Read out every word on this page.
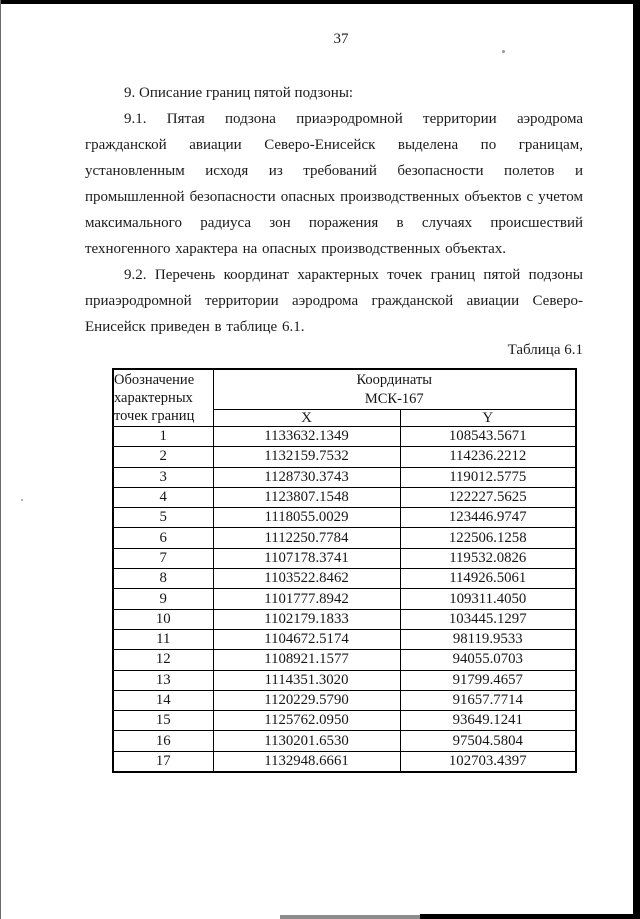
37

9. Описание границ пятой подзоны:

9.1. Пятая подзона приаэродромной территории аэродрома гражданской авиации Северо-Енисейск выделена по границам, установленным исходя из требований безопасности полетов и промышленной безопасности опасных производственных объектов с учетом максимального радиуса зон поражения в случаях происшествий техногенного характера на опасных производственных объектах.

9.2. Перечень координат характерных точек границ пятой подзоны приаэродромной территории аэродрома гражданской авиации Северо-Енисейск приведен в таблице 6.1.

Таблица 6.1
Обозначение характерных точек границ	Координаты
МСК-167	
	X	Y
1	1133632.1349	108543.5671
2	1132159.7532	114236.2212
3	1128730.3743	119012.5775
4	1123807.1548	122227.5625
5	1118055.0029	123446.9747
6	1112250.7784	122506.1258
7	1107178.3741	119532.0826
8	1103522.8462	114926.5061
9	1101777.8942	109311.4050
10	1102179.1833	103445.1297
11	1104672.5174	98119.9533
12	1108921.1577	94055.0703
13	1114351.3020	91799.4657
14	1120229.5790	91657.7714
15	1125762.0950	93649.1241
16	1130201.6530	97504.5804
17	1132948.6661	102703.4397
